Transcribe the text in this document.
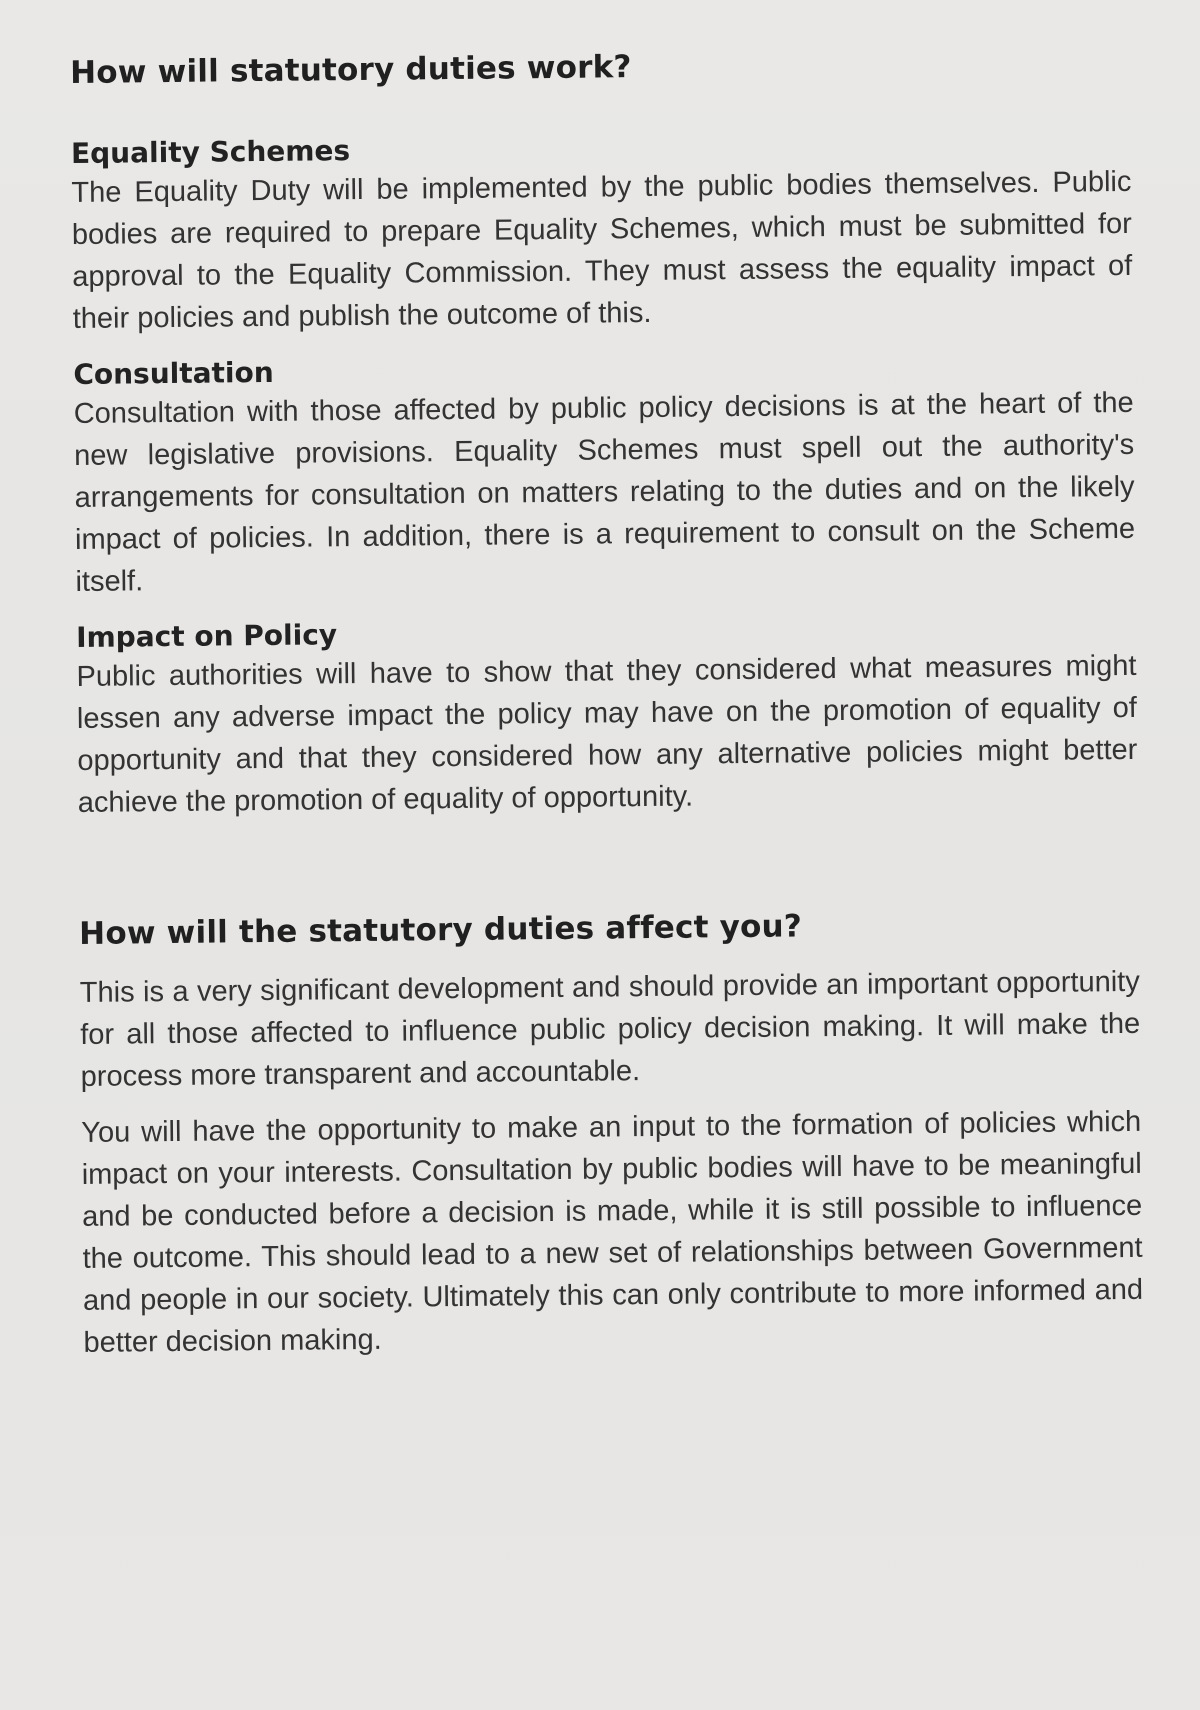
How will statutory duties work?
Equality Schemes

The Equality Duty will be implemented by the public bodies themselves. Public bodies are required to prepare Equality Schemes, which must be submitted for approval to the Equality Commission. They must assess the equality impact of their policies and publish the outcome of this.

Consultation

Consultation with those affected by public policy decisions is at the heart of the new legislative provisions. Equality Schemes must spell out the authority's arrangements for consultation on matters relating to the duties and on the likely impact of policies. In addition, there is a requirement to consult on the Scheme itself.

Impact on Policy

Public authorities will have to show that they considered what measures might lessen any adverse impact the policy may have on the promotion of equality of opportunity and that they considered how any alternative policies might better achieve the promotion of equality of opportunity.

How will the statutory duties affect you?

This is a very significant development and should provide an important opportunity for all those affected to influence public policy decision making. It will make the process more transparent and accountable.

You will have the opportunity to make an input to the formation of policies which impact on your interests. Consultation by public bodies will have to be meaningful and be conducted before a decision is made, while it is still possible to influence the outcome. This should lead to a new set of relationships between Government and people in our society. Ultimately this can only contribute to more informed and better decision making.
